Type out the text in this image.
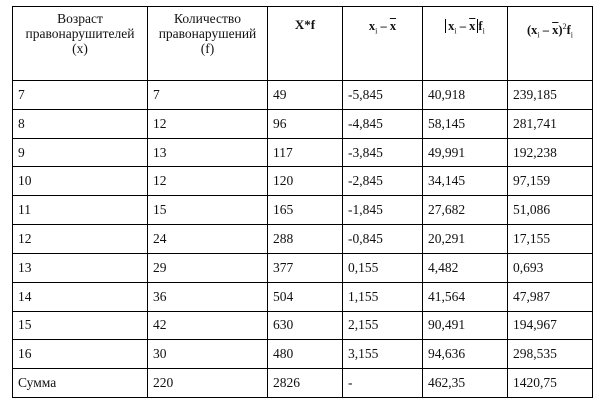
Возраст правонарушителей (х)	Количество правонарушений (f)	X*f	$x_i - \overline{x}$	$x_i - \overline{x}$ $f_i$	$(x_i - \overline{x})^2f_i$
7	7	49	-5,845	40,918	239,185
8	12	96	-4,845	58,145	281,741
9	13	117	-3,845	49,991	192,238
10	12	120	-2,845	34,145	97,159
11	15	165	-1,845	27,682	51,086
12	24	288	-0,845	20,291	17,155
13	29	377	0,155	4,482	0,693
14	36	504	1,155	41,564	47,987
15	42	630	2,155	90,491	194,967
16	30	480	3,155	94,636	298,535
Сумма	220	2826	-	462,35	1420,75
